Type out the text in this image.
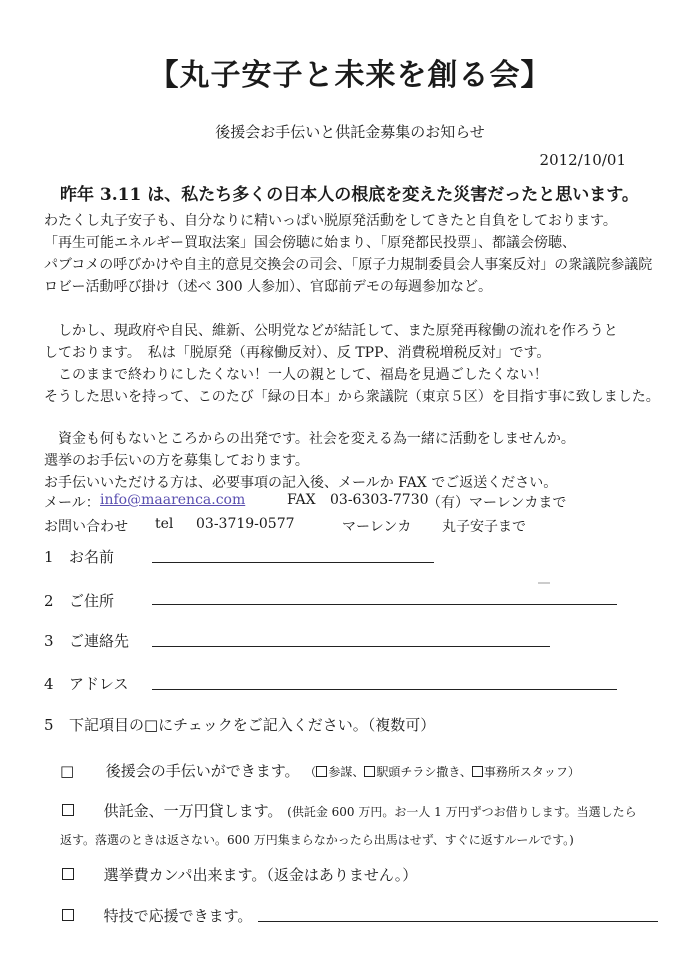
【丸子安子と未来を創る会】
後援会お手伝いと供託金募集のお知らせ
2012/10/01
昨年 3.11 は、私たち多くの日本人の根底を変えた災害だったと思います。
わたくし丸子安子も、自分なりに精いっぱい脱原発活動をしてきたと自負をしております。
「再生可能エネルギー買取法案」国会傍聴に始まり、「原発都民投票」、都議会傍聴、
パブコメの呼びかけや自主的意見交換会の司会、「原子力規制委員会人事案反対」の衆議院参議院
ロビー活動呼び掛け（述べ 300 人参加）、官邸前デモの毎週参加など。
しかし、現政府や自民、維新、公明党などが結託して、また原発再稼働の流れを作ろうと
しております。　私は「脱原発（再稼働反対）、反 TPP、消費税増税反対」です。
このままで終わりにしたくない！一人の親として、福島を見過ごしたくない！
そうした思いを持って、このたび「緑の日本」から衆議院（東京５区）を目指す事に致しました。
資金も何もないところからの出発です。社会を変える為一緒に活動をしませんか。
選挙のお手伝いの方を募集しております。
お手伝いいただける方は、必要事項の記入後、メールか FAX でご返送ください。
メール： info@maarenca.com	FAX 03-6303-7730
（有）マーレンカまで
お問い合わせ tel 03-3719-0577	マーレンカ 丸子安子まで
1 お名前
2 ご住所
3 ご連絡先
4 アドレス
5 下記項目の□にチェックをご記入ください。（複数可）
□ 後援会の手伝いができます。 （ 参謀、 駅頭チラシ撒き、 事務所スタッフ）
供託金、一万円貸します。 (供託金 600 万円。お一人 1 万円ずつお借りします。当選したら
返す。落選のときは返さない。600 万円集まらなかったら出馬はせず、すぐに返すルールです。)
選挙費カンパ出来ます。（返金はありません。）
特技で応援できます。
